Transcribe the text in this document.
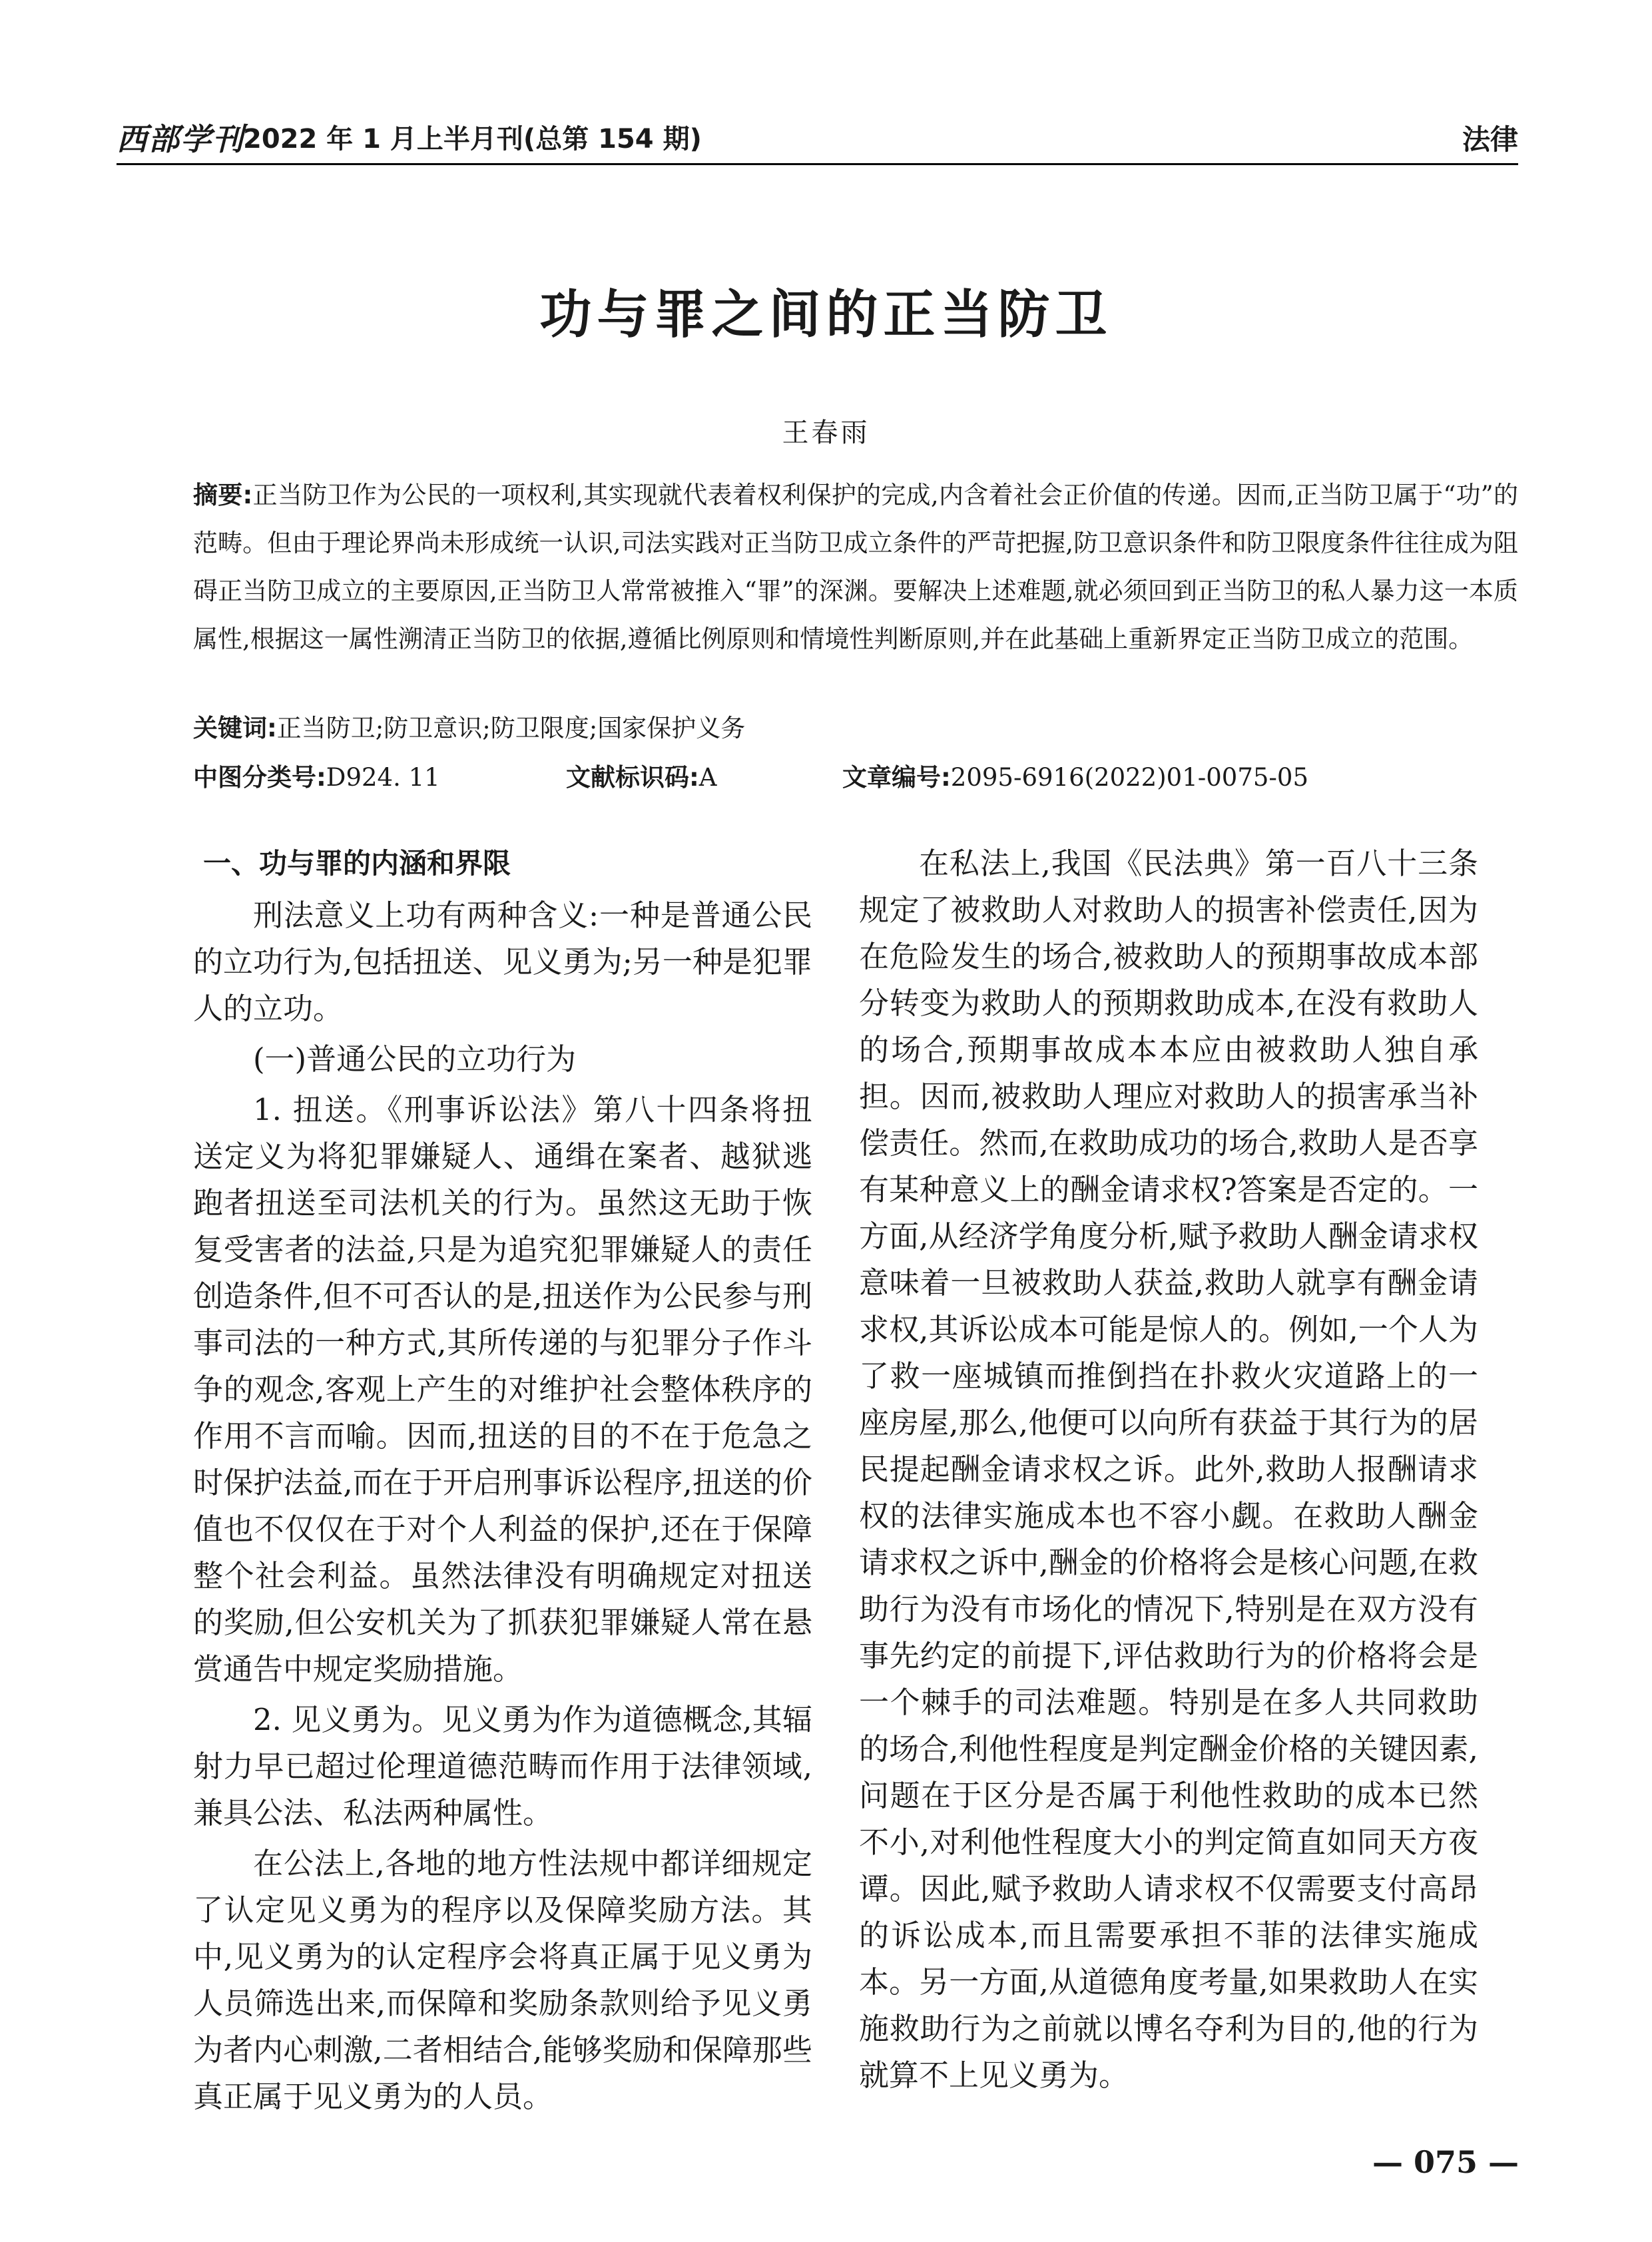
西部学刊
2022 年 1 月上半月刊(总第 154 期)	法律
功与罪之间的正当防卫
王春雨

摘要:正当防卫作为公民的一项权利,其实现就代表着权利保护的完成,内含着社会正价值的传递。因而,正当防卫属于“功”的范畴。但由于理论界尚未形成统一认识,司法实践对正当防卫成立条件的严苛把握,防卫意识条件和防卫限度条件往往成为阻碍正当防卫成立的主要原因,正当防卫人常常被推入“罪”的深渊。要解决上述难题,就必须回到正当防卫的私人暴力这一本质属性,根据这一属性溯清正当防卫的依据,遵循比例原则和情境性判断原则,并在此基础上重新界定正当防卫成立的范围。

关键词:正当防卫;防卫意识;防卫限度;国家保护义务

中图分类号:D924. 11	文献标识码:A	文章编号:2095-6916(2022)01-0075-05

一、功与罪的内涵和界限

刑法意义上功有两种含义:一种是普通公民的立功行为,包括扭送、见义勇为;另一种是犯罪人的立功。

(一)普通公民的立功行为

1. 扭送。《刑事诉讼法》第八十四条将扭送定义为将犯罪嫌疑人、通缉在案者、越狱逃跑者扭送至司法机关的行为。虽然这无助于恢复受害者的法益,只是为追究犯罪嫌疑人的责任创造条件,但不可否认的是,扭送作为公民参与刑事司法的一种方式,其所传递的与犯罪分子作斗争的观念,客观上产生的对维护社会整体秩序的作用不言而喻。因而,扭送的目的不在于危急之时保护法益,而在于开启刑事诉讼程序,扭送的价值也不仅仅在于对个人利益的保护,还在于保障整个社会利益。虽然法律没有明确规定对扭送的奖励,但公安机关为了抓获犯罪嫌疑人常在悬赏通告中规定奖励措施。

2. 见义勇为。见义勇为作为道德概念,其辐射力早已超过伦理道德范畴而作用于法律领域,兼具公法、私法两种属性。

在公法上,各地的地方性法规中都详细规定了认定见义勇为的程序以及保障奖励方法。其中,见义勇为的认定程序会将真正属于见义勇为人员筛选出来,而保障和奖励条款则给予见义勇为者内心刺激,二者相结合,能够奖励和保障那些真正属于见义勇为的人员。

在私法上,我国《民法典》第一百八十三条规定了被救助人对救助人的损害补偿责任,因为在危险发生的场合,被救助人的预期事故成本部分转变为救助人的预期救助成本,在没有救助人的场合,预期事故成本本应由被救助人独自承担。因而,被救助人理应对救助人的损害承当补偿责任。然而,在救助成功的场合,救助人是否享有某种意义上的酬金请求权?答案是否定的。一方面,从经济学角度分析,赋予救助人酬金请求权意味着一旦被救助人获益,救助人就享有酬金请求权,其诉讼成本可能是惊人的。例如,一个人为了救一座城镇而推倒挡在扑救火灾道路上的一座房屋,那么,他便可以向所有获益于其行为的居民提起酬金请求权之诉。此外,救助人报酬请求权的法律实施成本也不容小觑。在救助人酬金请求权之诉中,酬金的价格将会是核心问题,在救助行为没有市场化的情况下,特别是在双方没有事先约定的前提下,评估救助行为的价格将会是一个棘手的司法难题。特别是在多人共同救助的场合,利他性程度是判定酬金价格的关键因素,问题在于区分是否属于利他性救助的成本已然不小,对利他性程度大小的判定简直如同天方夜谭。因此,赋予救助人请求权不仅需要支付高昂的诉讼成本,而且需要承担不菲的法律实施成本。另一方面,从道德角度考量,如果救助人在实施救助行为之前就以博名夺利为目的,他的行为就算不上见义勇为。

— 075 —
